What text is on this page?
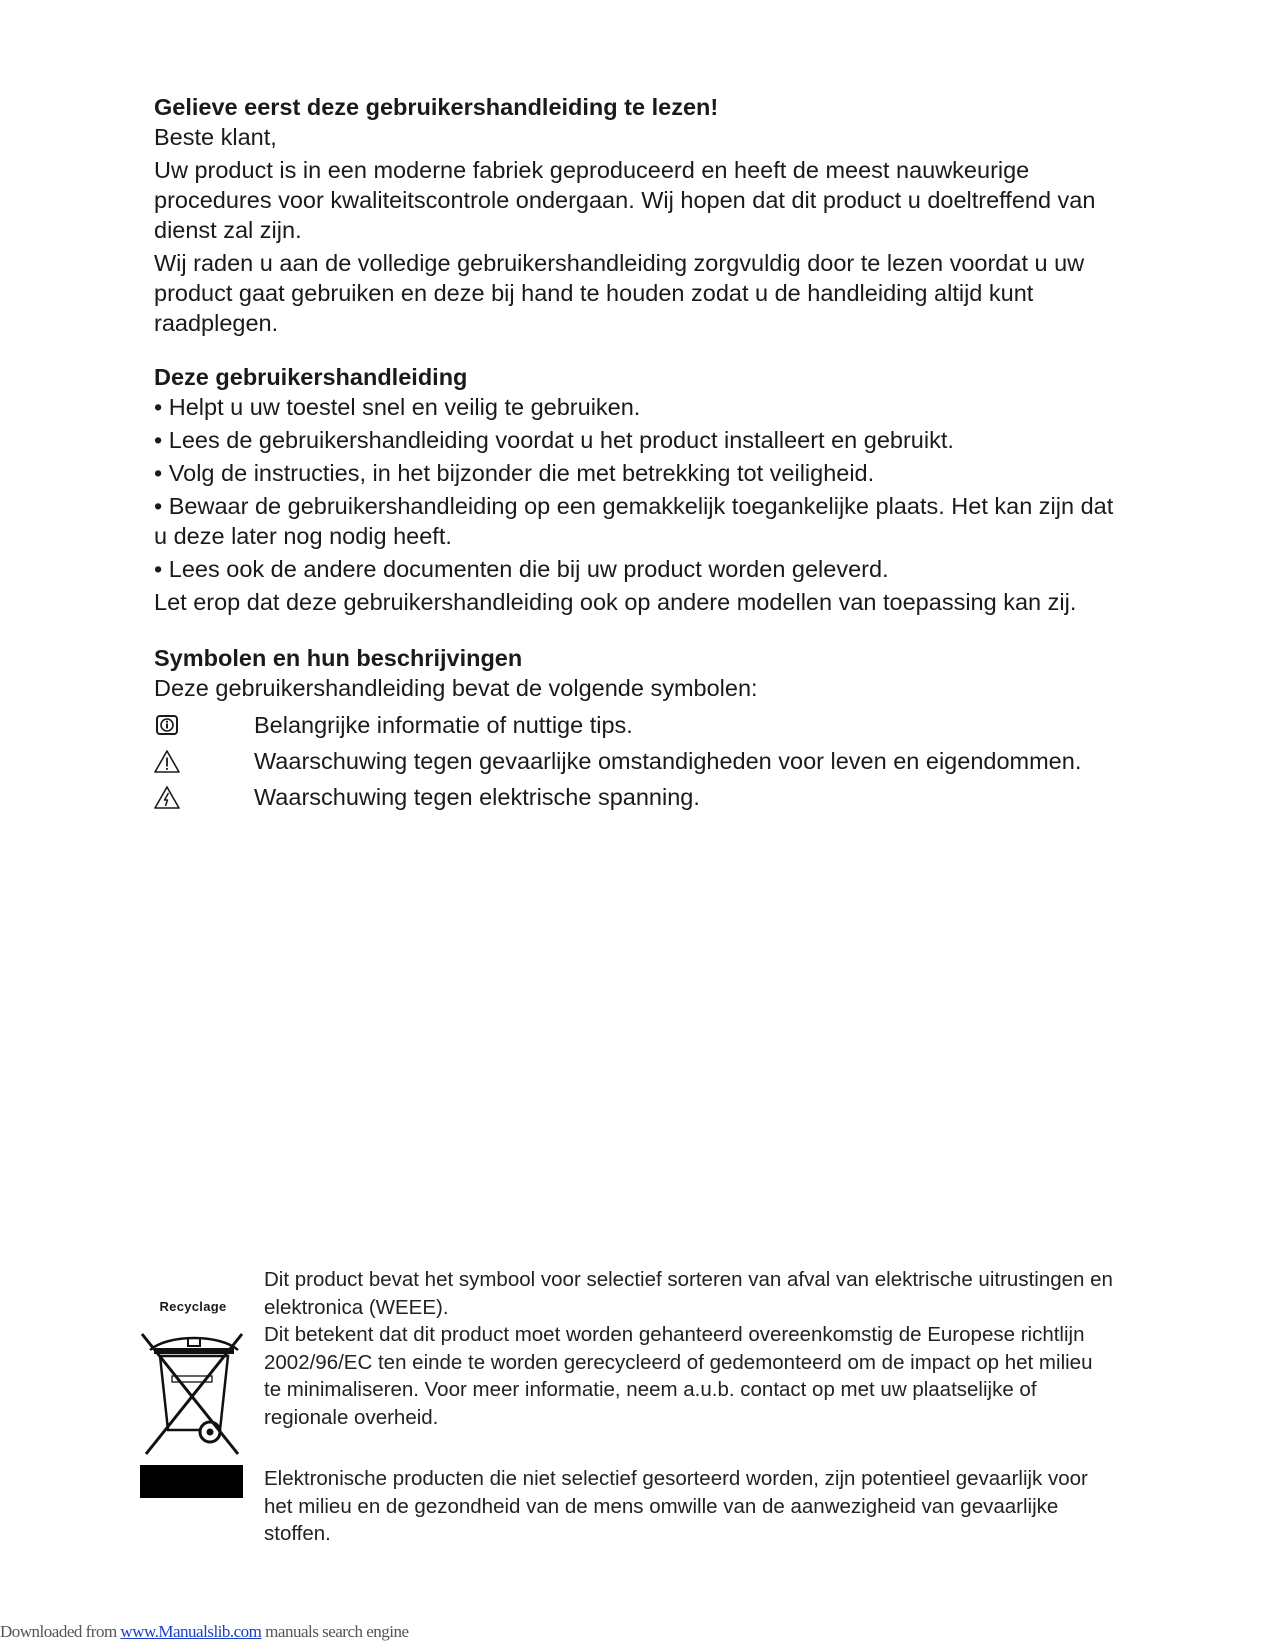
Gelieve eerst deze gebruikershandleiding te lezen!
Beste klant,
Uw product is in een moderne fabriek geproduceerd en heeft de meest nauwkeurige procedures voor kwaliteitscontrole ondergaan. Wij hopen dat dit product u doeltreffend van dienst zal zijn.
Wij raden u aan de volledige gebruikershandleiding zorgvuldig door te lezen voordat u uw product gaat gebruiken en deze bij hand te houden zodat u de handleiding altijd kunt raadplegen.
Deze gebruikershandleiding
• Helpt u uw toestel snel en veilig te gebruiken.
• Lees de gebruikershandleiding voordat u het product installeert en gebruikt.
• Volg de instructies, in het bijzonder die met betrekking tot veiligheid.
• Bewaar de gebruikershandleiding op een gemakkelijk toegankelijke plaats. Het kan zijn dat u deze later nog nodig heeft.
• Lees ook de andere documenten die bij uw product worden geleverd.
Let erop dat deze gebruikershandleiding ook op andere modellen van toepassing kan zij.
Symbolen en hun beschrijvingen
Deze gebruikershandleiding bevat de volgende symbolen:
Belangrijke informatie of nuttige tips.
Waarschuwing tegen gevaarlijke omstandigheden voor leven en eigendommen.
Waarschuwing tegen elektrische spanning.
Recyclage
Dit product bevat het symbool voor selectief sorteren van afval van elektrische uitrustingen en elektronica (WEEE).
Dit betekent dat dit product moet worden gehanteerd overeenkomstig de Europese richtlijn 2002/96/EC ten einde te worden gerecycleerd of gedemonteerd om de impact op het milieu te minimaliseren. Voor meer informatie, neem a.u.b. contact op met uw plaatselijke of regionale overheid.
Elektronische producten die niet selectief gesorteerd worden, zijn potentieel gevaarlijk voor het milieu en de gezondheid van de mens omwille van de aanwezigheid van gevaarlijke stoffen.
Downloaded from www.Manualslib.com manuals search engine
